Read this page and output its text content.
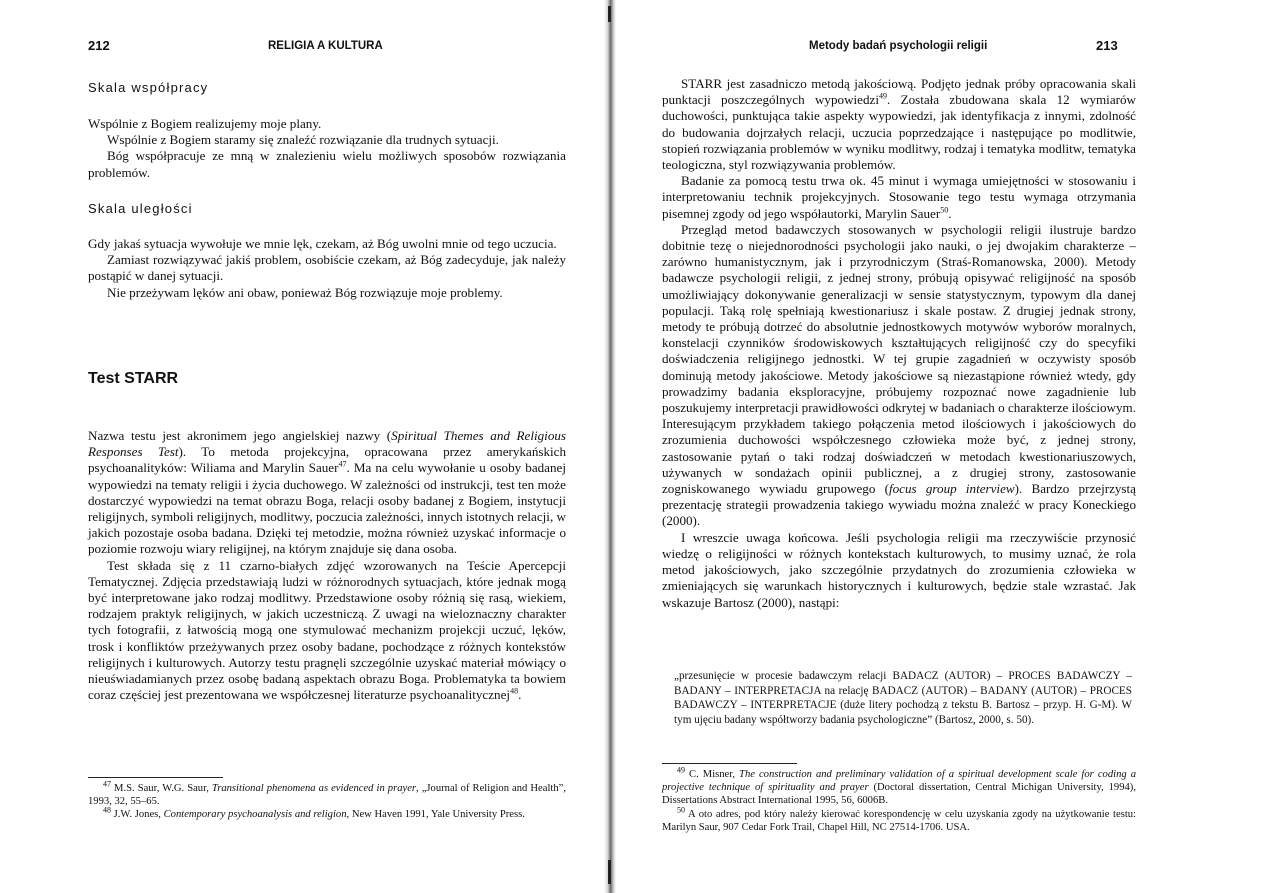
212	RELIGIA A KULTURA
Skala współpracy

Wspólnie z Bogiem realizujemy moje plany.

Wspólnie z Bogiem staramy się znaleźć rozwiązanie dla trudnych sytuacji.

Bóg współpracuje ze mną w znalezieniu wielu możliwych sposobów rozwiązania problemów.

Skala uległości

Gdy jakaś sytuacja wywołuje we mnie lęk, czekam, aż Bóg uwolni mnie od tego uczucia.

Zamiast rozwiązywać jakiś problem, osobiście czekam, aż Bóg zadecyduje, jak należy postąpić w danej sytuacji.

Nie przeżywam lęków ani obaw, ponieważ Bóg rozwiązuje moje problemy.

Test STARR

Nazwa testu jest akronimem jego angielskiej nazwy (Spiritual Themes and Religious Responses Test). To metoda projekcyjna, opracowana przez amerykańskich psychoanalityków: Wiliama and Marylin Sauer$^{47}$. Ma na celu wywołanie u osoby badanej wypowiedzi na tematy religii i życia duchowego. W zależności od instrukcji, test ten może dostarczyć wypowiedzi na temat obrazu Boga, relacji osoby badanej z Bogiem, instytucji religijnych, symboli religijnych, modlitwy, poczucia zależności, innych istotnych relacji, w jakich pozostaje osoba badana. Dzięki tej metodzie, można również uzyskać informacje o poziomie rozwoju wiary religijnej, na którym znajduje się dana osoba.

Test składa się z 11 czarno-białych zdjęć wzorowanych na Teście Apercepcji Tematycznej. Zdjęcia przedstawiają ludzi w różnorodnych sytuacjach, które jednak mogą być interpretowane jako rodzaj modlitwy. Przedstawione osoby różnią się rasą, wiekiem, rodzajem praktyk religijnych, w jakich uczestniczą. Z uwagi na wieloznaczny charakter tych fotografii, z łatwością mogą one stymulować mechanizm projekcji uczuć, lęków, trosk i konfliktów przeżywanych przez osoby badane, pochodzące z różnych kontekstów religijnych i kulturowych. Autorzy testu pragnęli szczególnie uzyskać materiał mówiący o nieuświadamianych przez osobę badaną aspektach obrazu Boga. Problematyka ta bowiem coraz częściej jest prezentowana we współczesnej literaturze psychoanalitycznej$^{48}$.

$^{47}$ M.S. Saur, W.G. Saur, Transitional phenomena as evidenced in prayer, „Journal of Religion and Health”, 1993, 32, 55–65.

$^{48}$ J.W. Jones, Contemporary psychoanalysis and religion, New Haven 1991, Yale University Press.

Metody badań psychologii religii	213

STARR jest zasadniczo metodą jakościową. Podjęto jednak próby opracowania skali punktacji poszczególnych wypowiedzi$^{49}$. Została zbudowana skala 12 wymiarów duchowości, punktująca takie aspekty wypowiedzi, jak identyfikacja z innymi, zdolność do budowania dojrzałych relacji, uczucia poprzedzające i następujące po modlitwie, stopień rozwiązania problemów w wyniku modlitwy, rodzaj i tematyka modlitw, tematyka teologiczna, styl rozwiązywania problemów.

Badanie za pomocą testu trwa ok. 45 minut i wymaga umiejętności w stosowaniu i interpretowaniu technik projekcyjnych. Stosowanie tego testu wymaga otrzymania pisemnej zgody od jego współautorki, Marylin Sauer$^{50}$.

Przegląd metod badawczych stosowanych w psychologii religii ilustruje bardzo dobitnie tezę o niejednorodności psychologii jako nauki, o jej dwojakim charakterze – zarówno humanistycznym, jak i przyrodniczym (Straś-Romanowska, 2000). Metody badawcze psychologii religii, z jednej strony, próbują opisywać religijność na sposób umożliwiający dokonywanie generalizacji w sensie statystycznym, typowym dla danej populacji. Taką rolę spełniają kwestionariusz i skale postaw. Z drugiej jednak strony, metody te próbują dotrzeć do absolutnie jednostkowych motywów wyborów moralnych, konstelacji czynników środowiskowych kształtujących religijność czy do specyfiki doświadczenia religijnego jednostki. W tej grupie zagadnień w oczywisty sposób dominują metody jakościowe. Metody jakościowe są niezastąpione również wtedy, gdy prowadzimy badania eksploracyjne, próbujemy rozpoznać nowe zagadnienie lub poszukujemy interpretacji prawidłowości odkrytej w badaniach o charakterze ilościowym. Interesującym przykładem takiego połączenia metod ilościowych i jakościowych do zrozumienia duchowości współczesnego człowieka może być, z jednej strony, zastosowanie pytań o taki rodzaj doświadczeń w metodach kwestionariuszowych, używanych w sondażach opinii publicznej, a z drugiej strony, zastosowanie zogniskowanego wywiadu grupowego (focus group interview). Bardzo przejrzystą prezentację strategii prowadzenia takiego wywiadu można znaleźć w pracy Koneckiego (2000).

I wreszcie uwaga końcowa. Jeśli psychologia religii ma rzeczywiście przynosić wiedzę o religijności w różnych kontekstach kulturowych, to musimy uznać, że rola metod jakościowych, jako szczególnie przydatnych do zrozumienia człowieka w zmieniających się warunkach historycznych i kulturowych, będzie stale wzrastać. Jak wskazuje Bartosz (2000), nastąpi:

„przesunięcie w procesie badawczym relacji BADACZ (AUTOR) – PROCES BADAWCZY – BADANY – INTERPRETACJA na relację BADACZ (AUTOR) – BADANY (AUTOR) – PROCES BADAWCZY – INTERPRETACJE (duże litery pochodzą z tekstu B. Bartosz – przyp. H. G-M). W tym ujęciu badany współtworzy badania psychologiczne” (Bartosz, 2000, s. 50).

$^{49}$ C. Misner, The construction and preliminary validation of a spiritual development scale for coding a projective technique of spirituality and prayer (Doctoral dissertation, Central Michigan University, 1994), Dissertations Abstract International 1995, 56, 6006B.

$^{50}$ A oto adres, pod który należy kierować korespondencję w celu uzyskania zgody na użytkowanie testu: Marilyn Saur, 907 Cedar Fork Trail, Chapel Hill, NC 27514-1706. USA.
